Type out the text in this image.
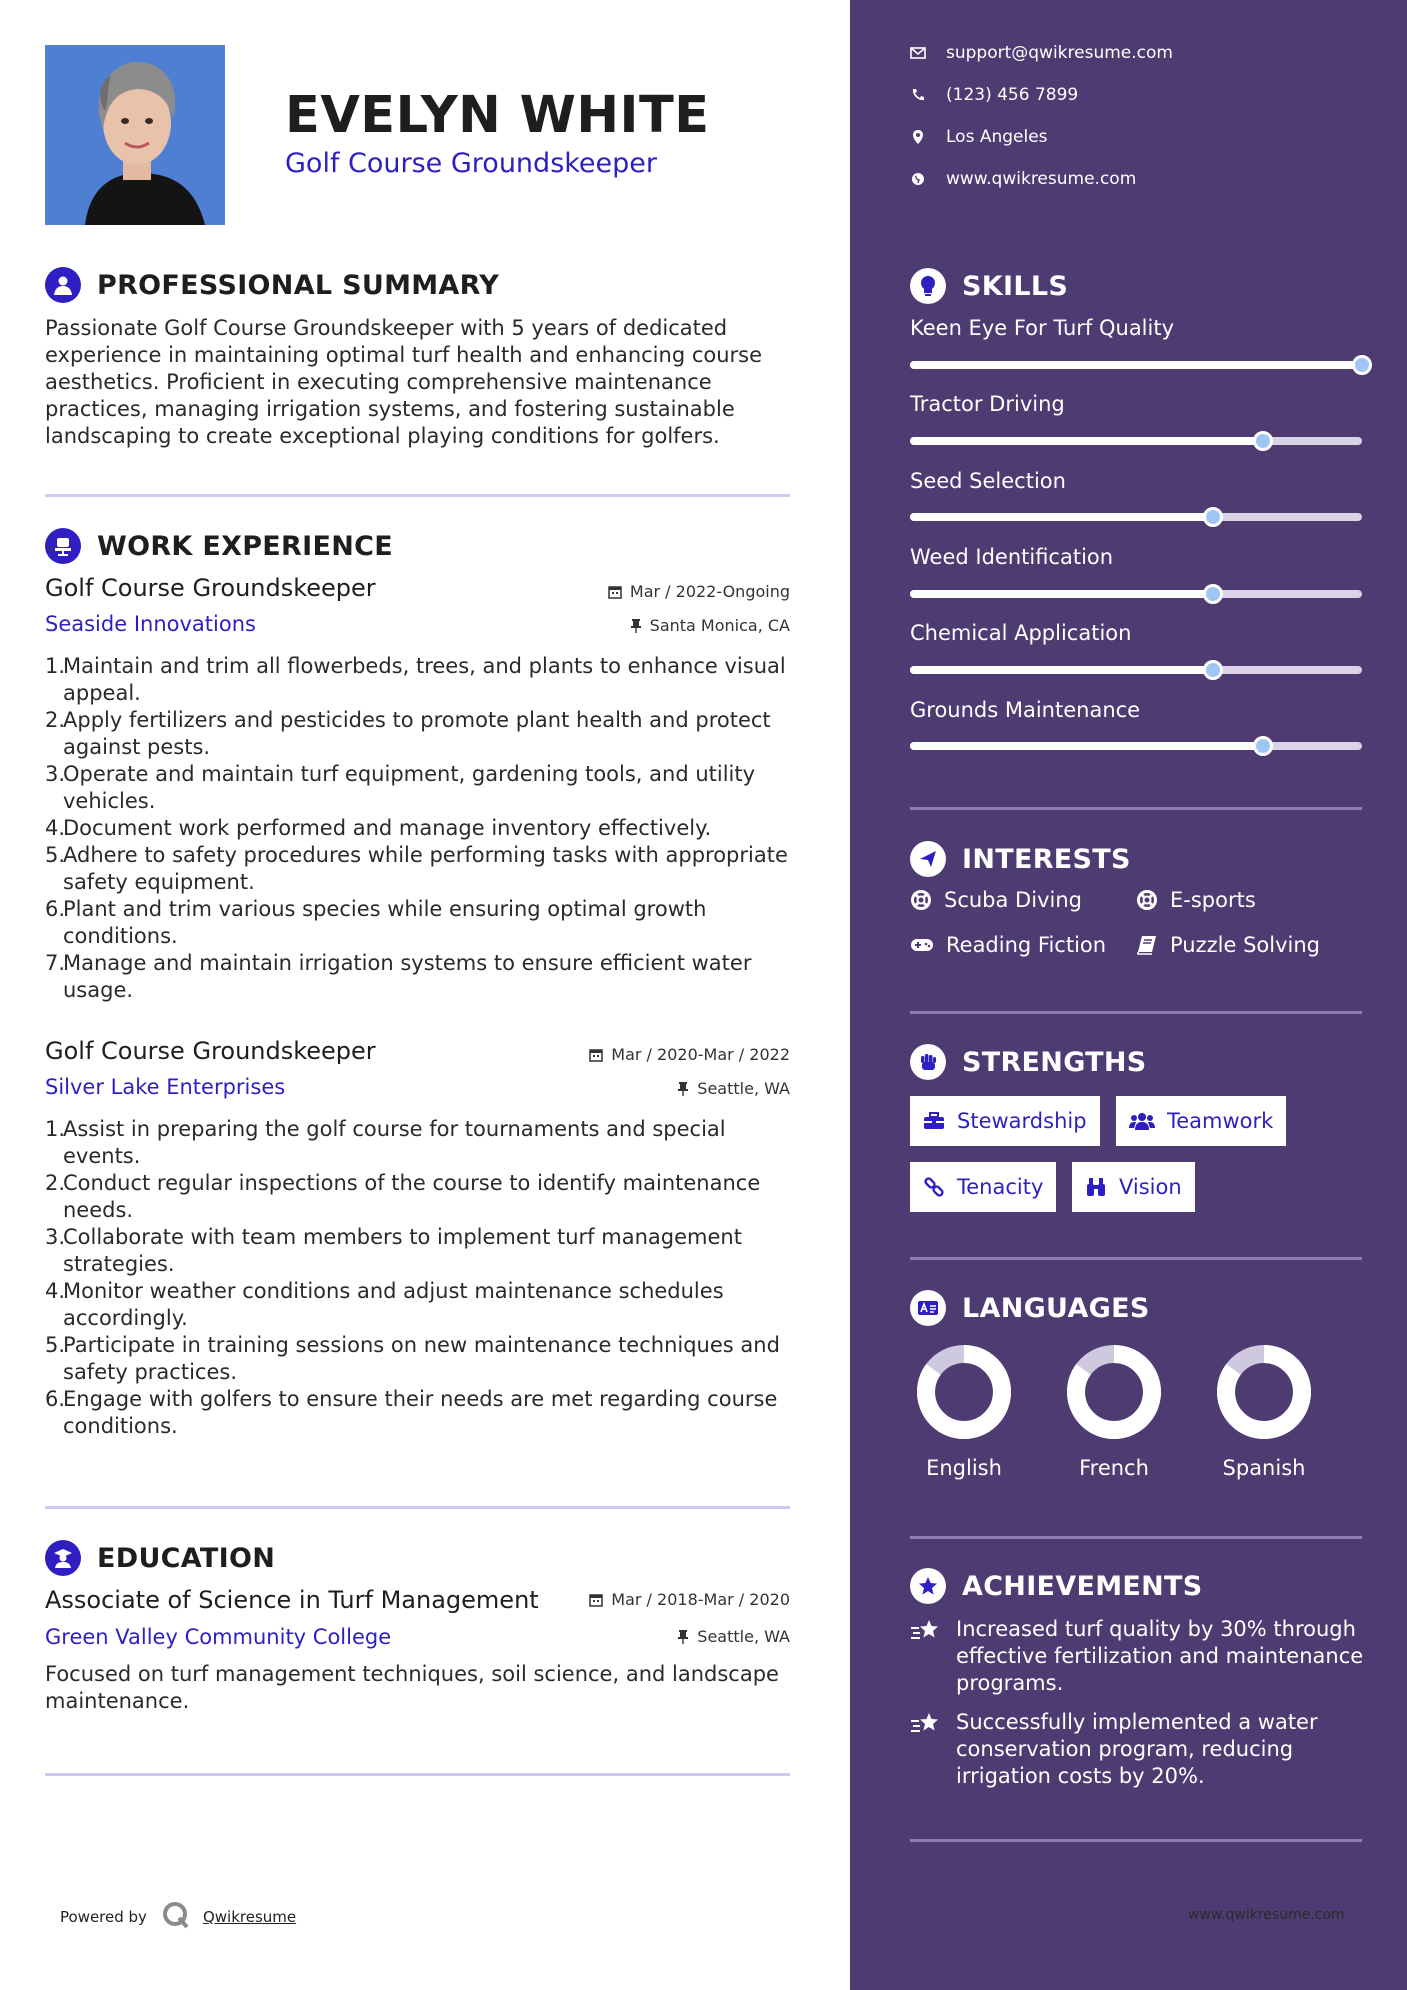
EVELYN WHITE
Golf Course Groundskeeper
PROFESSIONAL SUMMARY
Passionate Golf Course Groundskeeper with 5 years of dedicated experience in maintaining optimal turf health and enhancing course aesthetics. Proficient in executing comprehensive maintenance practices, managing irrigation systems, and fostering sustainable landscaping to create exceptional playing conditions for golfers.
WORK EXPERIENCE
Golf Course Groundskeeper	Mar / 2022-Ongoing
Seaside Innovations	Santa Monica, CA
1.
Maintain and trim all flowerbeds, trees, and plants to enhance visual appeal.
2.
Apply fertilizers and pesticides to promote plant health and protect against pests.
3.
Operate and maintain turf equipment, gardening tools, and utility vehicles.
4.
Document work performed and manage inventory effectively.
5.
Adhere to safety procedures while performing tasks with appropriate safety equipment.
6.
Plant and trim various species while ensuring optimal growth conditions.
7.
Manage and maintain irrigation systems to ensure efficient water usage.
Golf Course Groundskeeper	Mar / 2020-Mar / 2022
Silver Lake Enterprises	Seattle, WA
1.
Assist in preparing the golf course for tournaments and special events.
2.
Conduct regular inspections of the course to identify maintenance needs.
3.
Collaborate with team members to implement turf management strategies.
4.
Monitor weather conditions and adjust maintenance schedules accordingly.
5.
Participate in training sessions on new maintenance techniques and safety practices.
6.
Engage with golfers to ensure their needs are met regarding course conditions.
EDUCATION
Associate of Science in Turf Management	Mar / 2018-Mar / 2020
Green Valley Community College	Seattle, WA
Focused on turf management techniques, soil science, and landscape maintenance.
Powered by	Qwikresume
support@qwikresume.com
(123) 456 7899
Los Angeles
www.qwikresume.com
SKILLS
Keen Eye For Turf Quality
Tractor Driving
Seed Selection
Weed Identification
Chemical Application
Grounds Maintenance
INTERESTS
Scuba Diving	E-sports
Reading Fiction	Puzzle Solving
STRENGTHS
Stewardship	Teamwork
Tenacity	Vision
LANGUAGES
English	French	Spanish
ACHIEVEMENTS
Increased turf quality by 30% through effective fertilization and maintenance programs.
Successfully implemented a water conservation program, reducing irrigation costs by 20%.
www.qwikresume.com
